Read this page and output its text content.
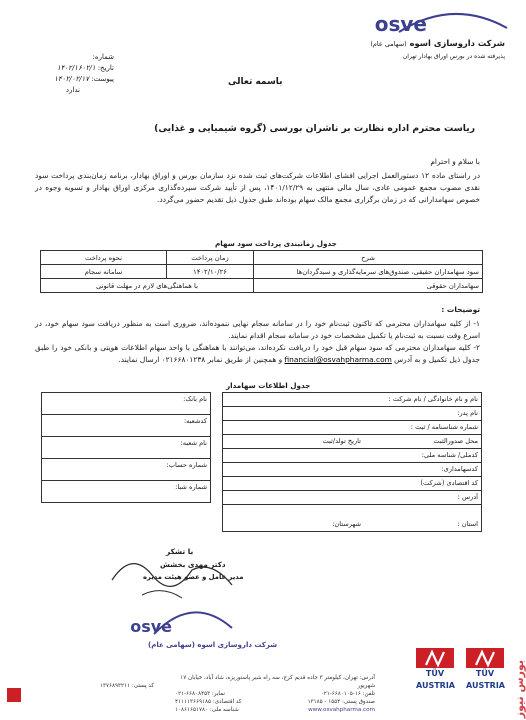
osve
شرکت داروسازی اسوه (سهامی عام)
پذیرفته شده در بورس اوراق بهادار تهران
شماره:
تاریخ: ۱۴۰۲/۱۶۰۲/۱
پیوست: ۱۴۰۲/۰۲/۱۷
ندارد
باسمه تعالی
ریاست محترم اداره نظارت بر ناشران بورسی (گروه شیمیایی و غذایی)
با سلام و احترام
در راستای ماده ۱۲ دستورالعمل اجرایی افشای اطلاعات شرکت‌های ثبت شده نزد سازمان بورس و اوراق بهادار، برنامه زمان‌بندی پرداخت سود نقدی مصوب مجمع عمومی عادی، سال مالی منتهی به ۱۴۰۱/۱۲/۲۹، پس از تأیید شرکت سپرده‌گذاری مرکزی اوراق بهادار و تسویه وجوه در خصوص سهامدارانی که در زمان برگزاری مجمع مالک سهام بوده‌اند طبق جدول ذیل تقدیم حضور می‌گردد.
جدول زمانبندی پرداخت سود سهام
شرح	زمان پرداخت	نحوه پرداخت
سود سهامداران حقیقی، صندوق‌های سرمایه‌گذاری و سبدگردان‌ها	۱۴۰۲/۱۰/۲۶	سامانه سجام
سهامداران حقوقی	با هماهنگی‌های لازم در مهلت قانونی	
توضیحات :
۱- از کلیه سهامداران محترمی که تاکنون ثبت‌نام خود را در سامانه سجام نهایی ننموده‌اند، ضروری است به منظور دریافت سود سهام خود، در اسرع وقت نسبت به ثبت‌نام یا تکمیل مشخصات خود در سامانه سجام اقدام نمایند.
۲- کلیه سهامداران محترمی که سود سهام قبل خود را دریافت نکرده‌اند، می‌توانند با هماهنگی با واحد سهام اطلاعات هویتی و بانکی خود را طبق جدول ذیل تکمیل و به آدرس financial@osvahpharma.com و همچنین از طریق نمابر ۰۲۱۶۶۸۰۱۲۳۸ ارسال نمایند.
جدول اطلاعات سهامدار
نام و نام خانوادگی / نام شرکت :
نام پدر:
شماره شناسنامه / ثبت :
محل صدورالثبت
تاریخ تولد/ثبت
کدملی/ شناسه ملی:
کدسهامداری:
کد اقتصادی (شرکت)
آدرس :
استان :
شهرستان:
نام بانک:
کدشعبه:
نام شعبه:
شماره حساب:
شماره شبا:
با تشکر
دکتر مهدی بخشش
مدیر عامل و عضو هیئت مدیره
osve
شرکت داروسازی اسوه (سهامی عام)
آدرس: تهران، کیلومتر ۳ جاده قدیم کرج، سه راه شیر پاستوریزه، شاد آباد، خیابان ۱۷ شهریور
تلفن: ۱۶-۶۶۸۰۱۰۵-۰۲۱
نمابر: ۶۶۸۰۸۴۵۳-۰۲۱
صندوق پستی: ۱۵۵۴ - ۱۳۱۸۵
کد اقتصادی: ۴۱۱۱۱۳۶۶۹۱۸۵
www.osvahpharma.com
شناسه ملی: ۱۰۸۶۱۶۵۱۷۸۰
کد پستی: ۱۳۷۶۸۹۳۲۱۱
TÜV AUSTRIA
TÜV AUSTRIA بورس نیوز
